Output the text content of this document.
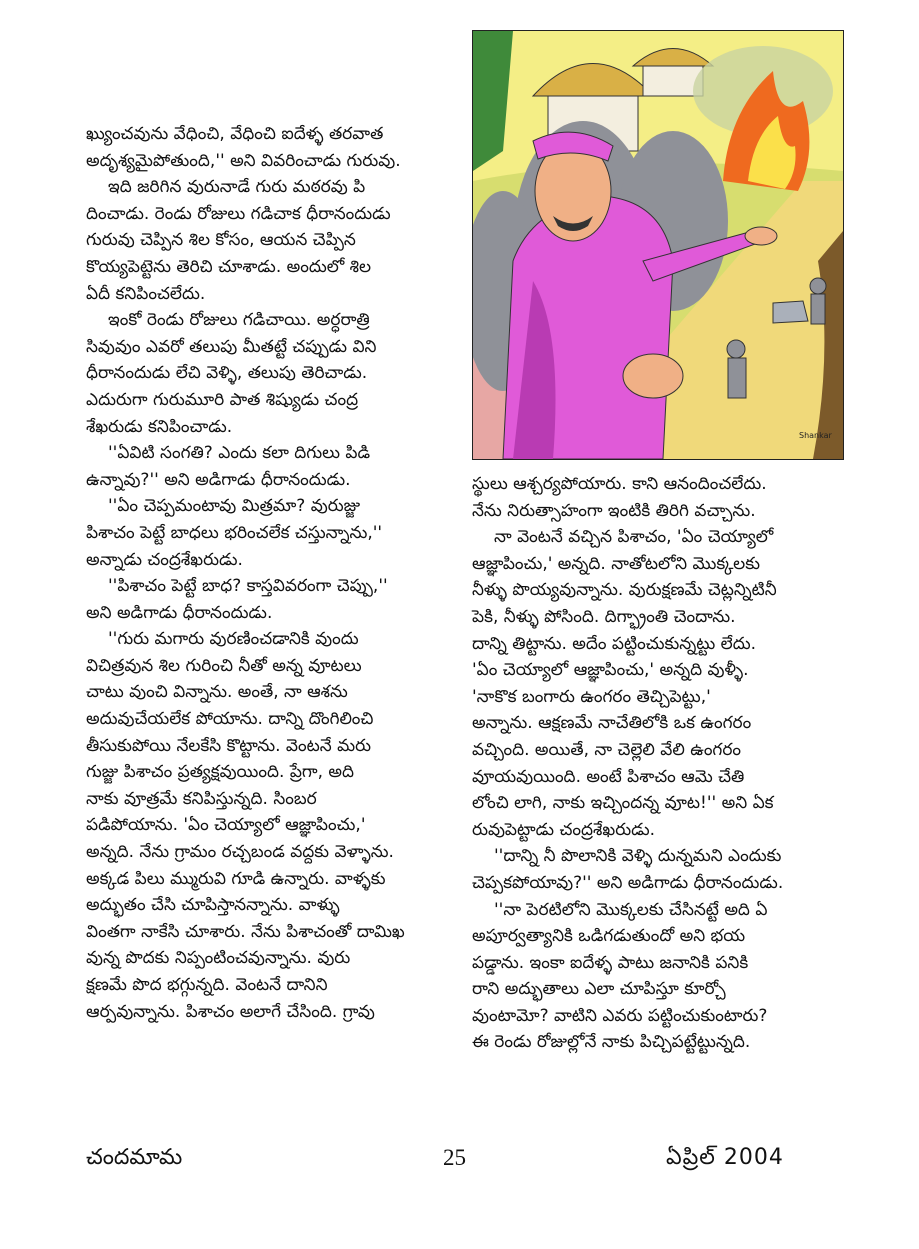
Shankar

ఖ్యుంచవును వేధించి, వేధించి ఐదేళ్ళ తరవాత

అదృశ్యమైపోతుంది,'' అని వివరించాడు గురువు.

ఇది జరిగిన వురునాడే గురు మఠరవు పి

దించాడు. రెండు రోజులు గడిచాక ధీరానందుడు

గురువు చెప్పిన శిల కోసం, ఆయన చెప్పిన

కొయ్యపెట్టెను తెరిచి చూశాడు. అందులో శిల

ఏదీ కనిపించలేదు.

ఇంకో రెండు రోజులు గడిచాయి. అర్ధరాత్రి

సివువుం ఎవరో తలుపు మీతట్టే చప్పుడు విని

ధీరానందుడు లేచి వెళ్ళి, తలుపు తెరిచాడు.

ఎదురుగా గురుమూరి పాత శిష్యుడు చంద్ర

శేఖరుడు కనిపించాడు.

''ఏవిటి సంగతి? ఎందు కలా దిగులు పిడి

ఉన్నావు?'' అని అడిగాడు ధీరానందుడు.

''ఏం చెప్పమంటావు మిత్రమా? వురుజ్జు

పిశాచం పెట్టే బాధలు భరించలేక చస్తున్నాను,''

అన్నాడు చంద్రశేఖరుడు.

''పిశాచం పెట్టే బాధ? కాస్తవివరంగా చెప్పు,''

అని అడిగాడు ధీరానందుడు.

''గురు మగారు వురణించడానికి వుందు

విచిత్రవున శిల గురించి నీతో అన్న వూటలు

చాటు వుంచి విన్నాను. అంతే, నా ఆశను

అదువుచేయలేక పోయాను. దాన్ని దొంగిలించి

తీసుకుపోయి నేలకేసి కొట్టాను. వెంటనే మరు

గుజ్జు పిశాచం ప్రత్యక్షవుయింది. ప్రేగా, అది

నాకు వూత్రమే కనిపిస్తున్నది. సింబర

పడిపోయాను. 'ఏం చెయ్యాలో ఆజ్ఞాపించు,'

అన్నది. నేను గ్రామం రచ్చబండ వద్దకు వెళ్ళాను.

అక్కడ పిలు మ్మురువి గూడి ఉన్నారు. వాళ్ళకు

అద్భుతం చేసి చూపిస్తానన్నాను. వాళ్ళు

వింతగా నాకేసి చూశారు. నేను పిశాచంతో దామిఖ

వున్న పొదకు నిప్పంటించవున్నాను. వురు

క్షణమే పొద భగ్గున్నది. వెంటనే దానిని

ఆర్పవున్నాను. పిశాచం అలాగే చేసింది. గ్రావు

స్థులు ఆశ్చర్యపోయారు. కాని ఆనందించలేదు.

నేను నిరుత్సాహంగా ఇంటికి తిరిగి వచ్చాను.

నా వెంటనే వచ్చిన పిశాచం, 'ఏం చెయ్యాలో

ఆజ్ఞాపించు,' అన్నది. నాతోటలోని మొక్కలకు

నీళ్ళు పొయ్యవున్నాను. వురుక్షణమే చెట్లన్నిటినీ

పెకి, నీళ్ళు పోసింది. దిగ్భ్రాంతి చెందాను.

దాన్ని తిట్టాను. అదేం పట్టించుకున్నట్టు లేదు.

'ఏం చెయ్యాలో ఆజ్ఞాపించు,' అన్నది వుళ్ళీ.

'నాకొక బంగారు ఉంగరం తెచ్చిపెట్టు,'

అన్నాను. ఆక్షణమే నాచేతిలోకి ఒక ఉంగరం

వచ్చింది. అయితే, నా చెల్లెలి వేలి ఉంగరం

వూయవుయింది. అంటే పిశాచం ఆమె చేతి

లోంచి లాగి, నాకు ఇచ్చిందన్న వూట!'' అని ఏక

రువుపెట్టాడు చంద్రశేఖరుడు.

''దాన్ని నీ పొలానికి వెళ్ళి దున్నమని ఎందుకు

చెప్పకపోయావు?'' అని అడిగాడు ధీరానందుడు.

''నా పెరటిలోని మొక్కలకు చేసినట్టే అది ఏ

అపూర్వత్యానికి ఒడిగడుతుందో అని భయ

పడ్డాను. ఇంకా ఐదేళ్ళ పాటు జనానికి పనికి

రాని అద్భుతాలు ఎలా చూపిస్తూ కూర్చో

వుంటామో? వాటిని ఎవరు పట్టించుకుంటారు?

ఈ రెండు రోజుల్లోనే నాకు పిచ్చిపట్టేట్టున్నది.

చందమామ	25	ఏప్రిల్ 2004
